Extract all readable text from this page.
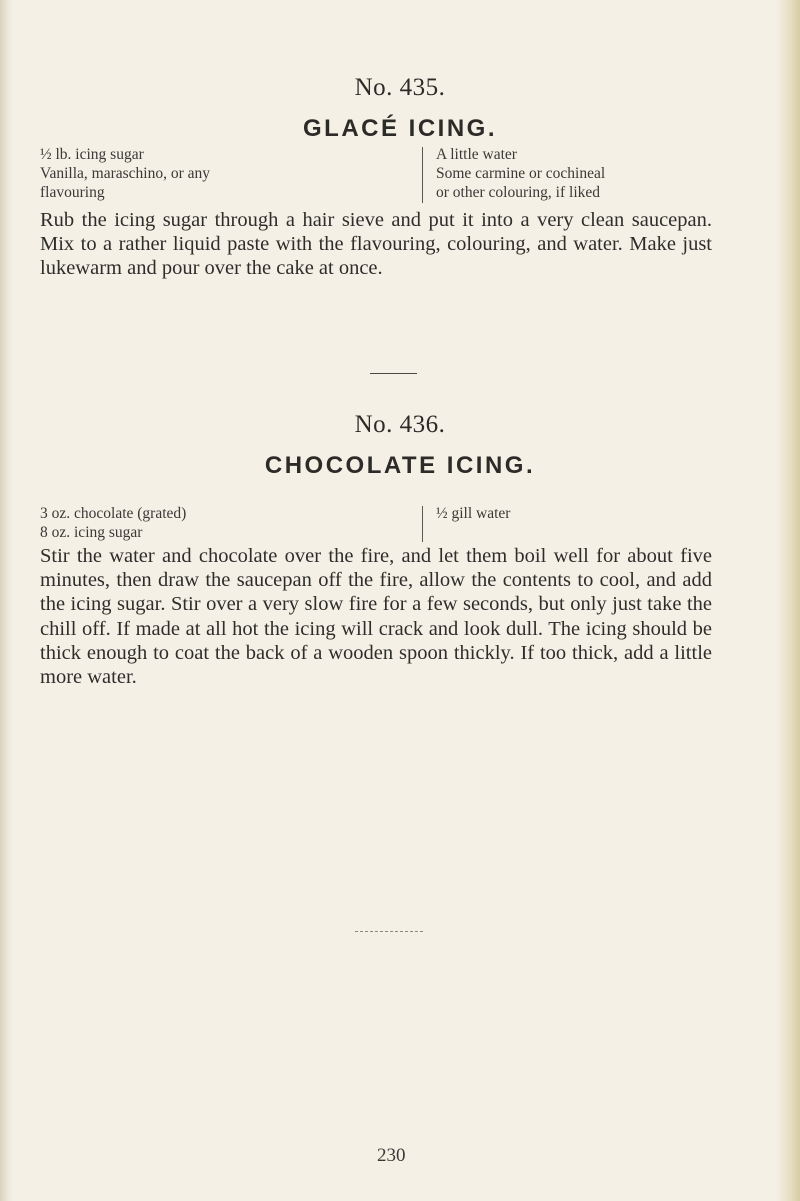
No. 435.
GLACÉ ICING.
½ lb. icing sugar
Vanilla, maraschino, or any
flavouring
A little water
Some carmine or cochineal
or other colouring, if liked
Rub the icing sugar through a hair sieve and put it into a very clean saucepan. Mix to a rather liquid paste with the flavouring, colouring, and water. Make just lukewarm and pour over the cake at once.
No. 436.
CHOCOLATE ICING.
3 oz. chocolate (grated)
8 oz. icing sugar
½ gill water
Stir the water and chocolate over the fire, and let them boil well for about five minutes, then draw the saucepan off the fire, allow the contents to cool, and add the icing sugar. Stir over a very slow fire for a few seconds, but only just take the chill off. If made at all hot the icing will crack and look dull. The icing should be thick enough to coat the back of a wooden spoon thickly. If too thick, add a little more water.
230
